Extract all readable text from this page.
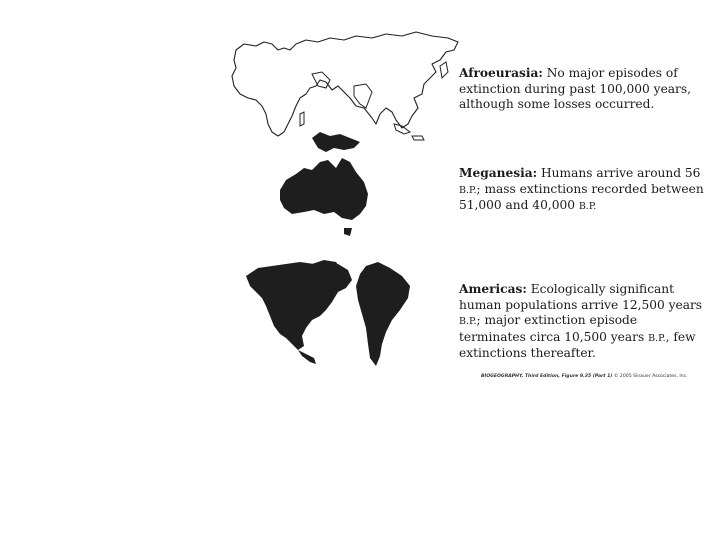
Afroeurasia: No major episodes of extinction during past 100,000 years, although some losses occurred.
Meganesia: Humans arrive around 56 B.P.; mass extinctions recorded between 51,000 and 40,000 B.P.
Americas: Ecologically significant human populations arrive 12,500 years B.P.; major extinction episode terminates circa 10,500 years B.P., few extinctions thereafter.
BIOGEOGRAPHY, Third Edition, Figure 9.35 (Part 1) © 2005 Sinauer Associates, Inc.
